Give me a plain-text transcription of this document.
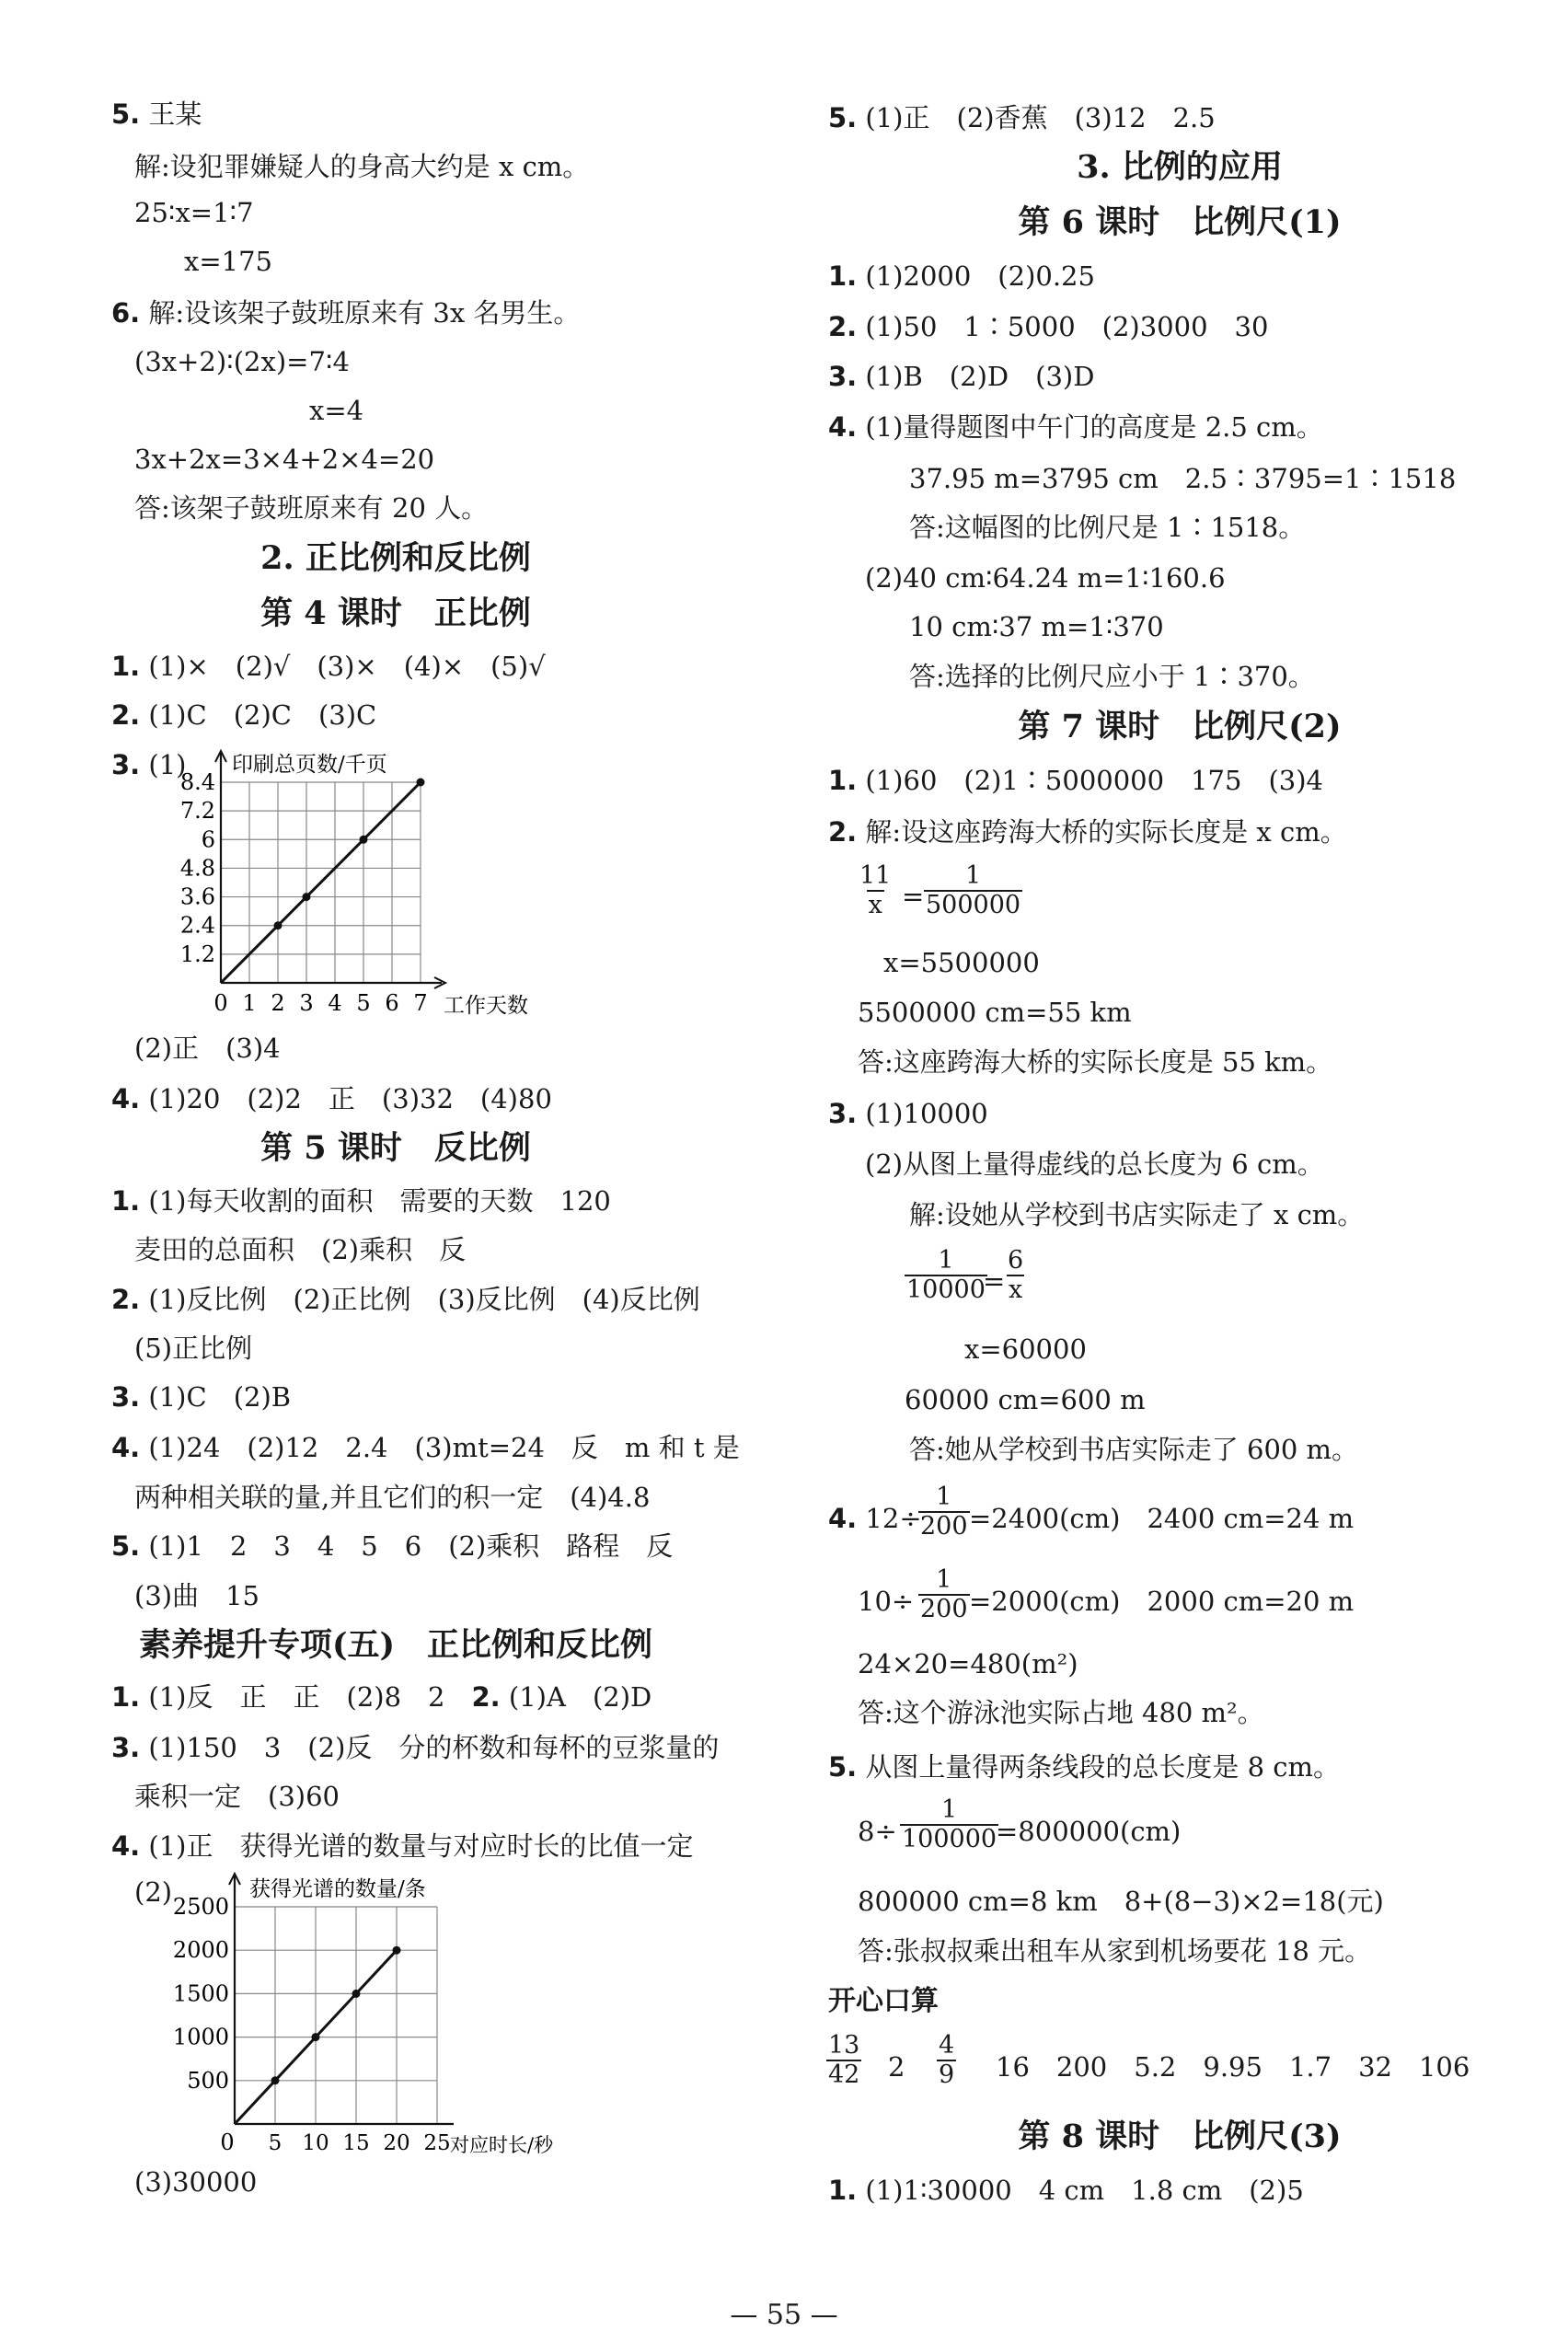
5. 王某
解:设犯罪嫌疑人的身高大约是 x cm。
25∶x=1∶7
x=175
6. 解:设该架子鼓班原来有 3x 名男生。
(3x+2)∶(2x)=7∶4
x=4
3x+2x=3×4+2×4=20
答:该架子鼓班原来有 20 人。
2. 正比例和反比例
第 4 课时　正比例
1. (1)×　(2)√　(3)×　(4)×　(5)√
2. (1)C　(2)C　(3)C
3. (1)
1.2
2.4
3.6
4.8
6
7.2
8.4
0 1 2 3 4 5 6 7
印刷总页数/千页
工作天数
(2)正　(3)4
4. (1)20　(2)2　正　(3)32　(4)80
第 5 课时　反比例
1. (1)每天收割的面积　需要的天数　120
麦田的总面积　(2)乘积　反
2. (1)反比例　(2)正比例　(3)反比例　(4)反比例
(5)正比例
3. (1)C　(2)B
4. (1)24　(2)12　2.4　(3)mt=24　反　m 和 t 是
两种相关联的量,并且它们的积一定　(4)4.8
5. (1)1　2　3　4　5　6　(2)乘积　路程　反
(3)曲　15
素养提升专项(五)　正比例和反比例
1. (1)反　正　正　(2)8　2　 2. (1)A　(2)D
3. (1)150　3　(2)反　分的杯数和每杯的豆浆量的
乘积一定　(3)60
4. (1)正　获得光谱的数量与对应时长的比值一定
(2)
500
1000
1500
2000
2500
0 5 10 15 20 25
获得光谱的数量/条
对应时长/秒
(3)30000
5. (1)正　(2)香蕉　(3)12　2.5
3. 比例的应用
第 6 课时　比例尺(1)
1. (1)2000　(2)0.25
2. (1)50　1∶5000　(2)3000　30
3. (1)B　(2)D　(3)D
4. (1)量得题图中午门的高度是 2.5 cm。
37.95 m=3795 cm　2.5∶3795=1∶1518
答:这幅图的比例尺是 1∶1518。
(2)40 cm∶64.24 m=1∶160.6
10 cm∶37 m=1∶370
答:选择的比例尺应小于 1∶370。
第 7 课时　比例尺(2)
1. (1)60　(2)1∶5000000　175　(3)4
2. 解:设这座跨海大桥的实际长度是 x cm。
$\frac{11}{x} = \frac{1}{500000}$
x=5500000
5500000 cm=55 km
答:这座跨海大桥的实际长度是 55 km。
3. (1)10000
(2)从图上量得虚线的总长度为 6 cm。
解:设她从学校到书店实际走了 x cm。
$\frac{1}{10000}$
= $\frac{6}{x}$
x=60000
60000 cm=600 m
答:她从学校到书店实际走了 600 m。
4. 12÷
$\frac{1}{200} =2400(cm)$　2400 cm=24 m
$10\div \frac{1}{200} =2000(cm)$　2000 cm=20 m
24×20=480(m²)
答:这个游泳池实际占地 480 m²。
5. 从图上量得两条线段的总长度是 8 cm。
$8\div \frac{1}{100000}$
=800000(cm)
800000 cm=8 km　8+(8−3)×2=18(元)
答:张叔叔乘出租车从家到机场要花 18 元。
开心口算
$\frac{13}{42} 2 \frac{4}{9} 16$　200　5.2　9.95　1.7　32　106
第 8 课时　比例尺(3)
1. (1)1∶30000　4 cm　1.8 cm　(2)5
— 55 —
